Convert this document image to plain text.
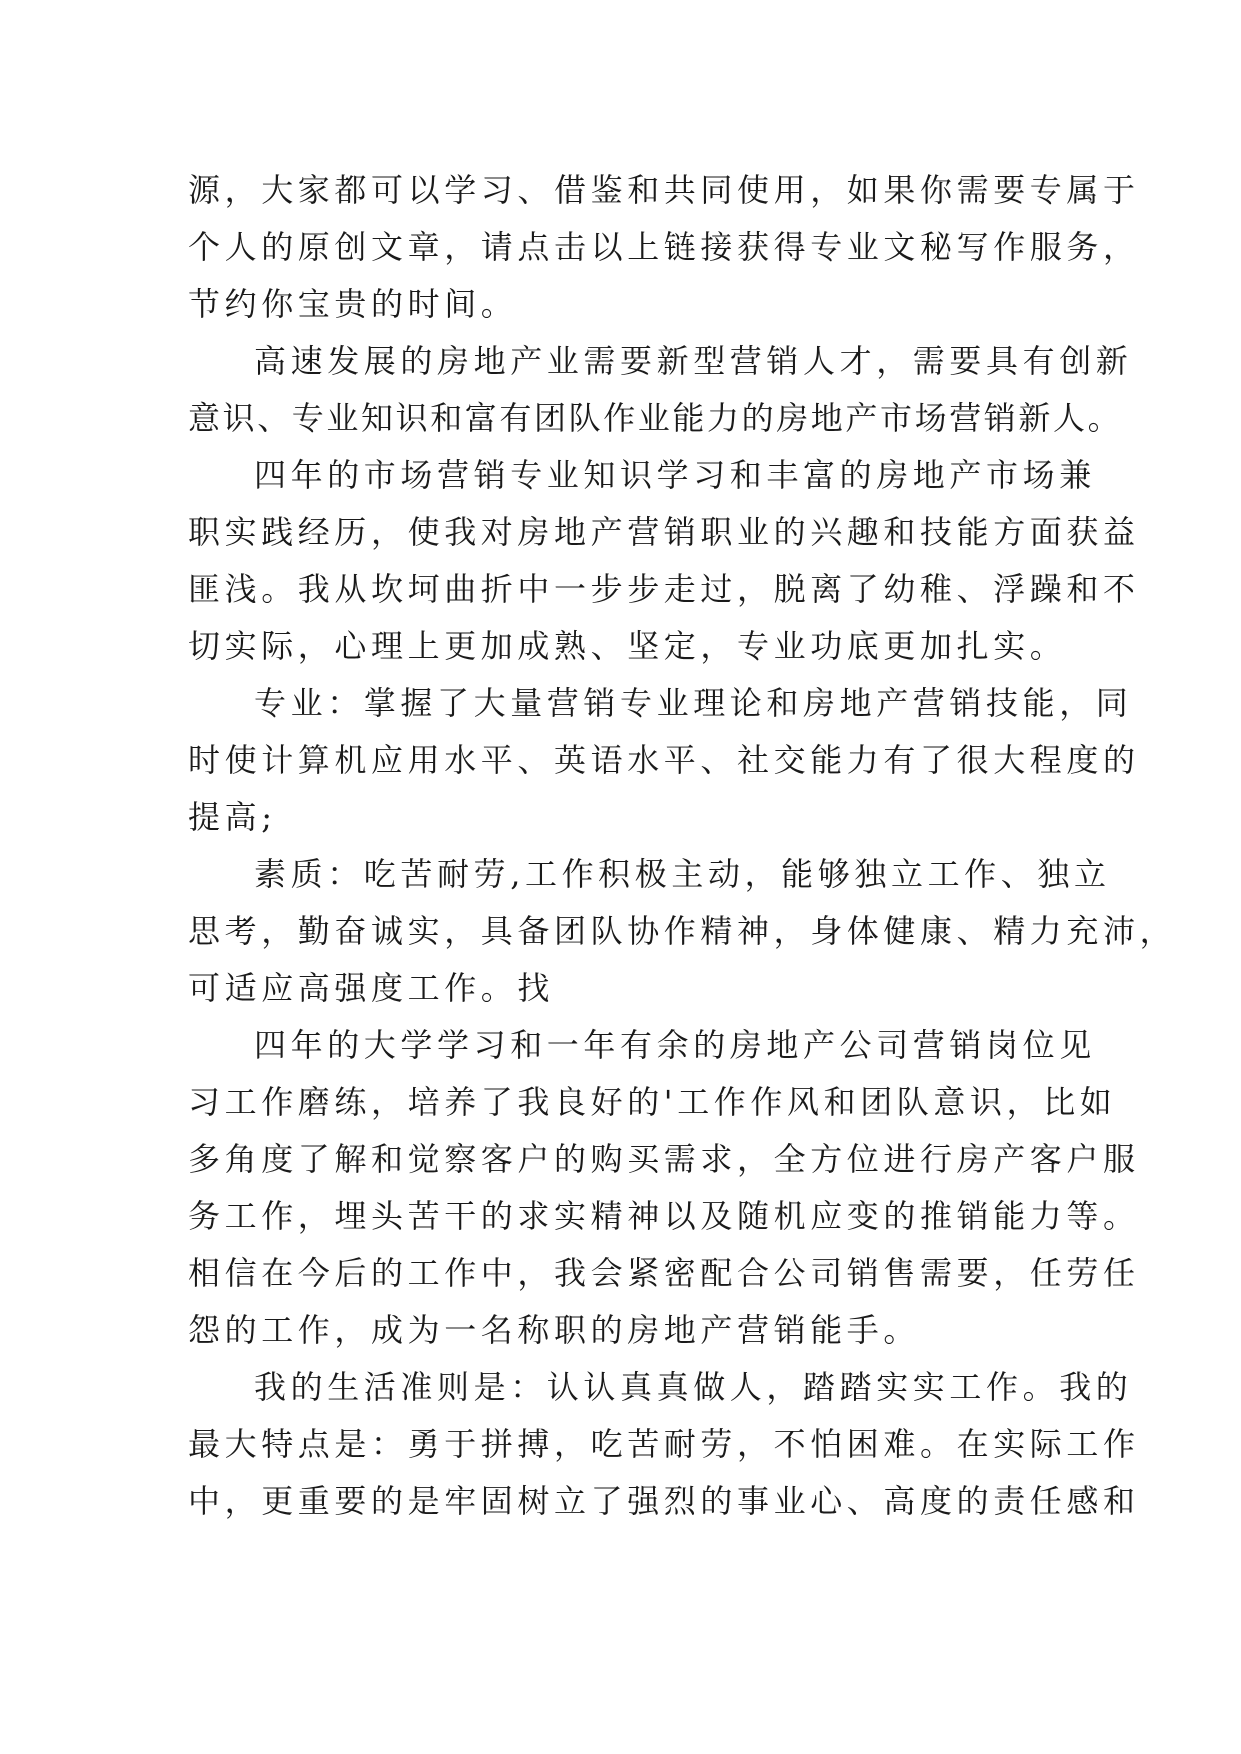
源，大家都可以学习、借鉴和共同使用，如果你需要专属于
个人的原创文章，请点击以上链接获得专业文秘写作服务，
节约你宝贵的时间。
高速发展的房地产业需要新型营销人才，需要具有创新
意识、专业知识和富有团队作业能力的房地产市场营销新人。
四年的市场营销专业知识学习和丰富的房地产市场兼
职实践经历，使我对房地产营销职业的兴趣和技能方面获益
匪浅。我从坎坷曲折中一步步走过，脱离了幼稚、浮躁和不
切实际，心理上更加成熟、坚定，专业功底更加扎实。
专业：掌握了大量营销专业理论和房地产营销技能，同
时使计算机应用水平、英语水平、社交能力有了很大程度的
提高;
素质：吃苦耐劳,工作积极主动，能够独立工作、独立
思考，勤奋诚实，具备团队协作精神，身体健康、精力充沛，
可适应高强度工作。找
四年的大学学习和一年有余的房地产公司营销岗位见
习工作磨练，培养了我良好的'工作作风和团队意识，比如
多角度了解和觉察客户的购买需求，全方位进行房产客户服
务工作，埋头苦干的求实精神以及随机应变的推销能力等。
相信在今后的工作中，我会紧密配合公司销售需要，任劳任
怨的工作，成为一名称职的房地产营销能手。
我的生活准则是：认认真真做人，踏踏实实工作。我的
最大特点是：勇于拼搏，吃苦耐劳，不怕困难。在实际工作
中，更重要的是牢固树立了强烈的事业心、高度的责任感和
